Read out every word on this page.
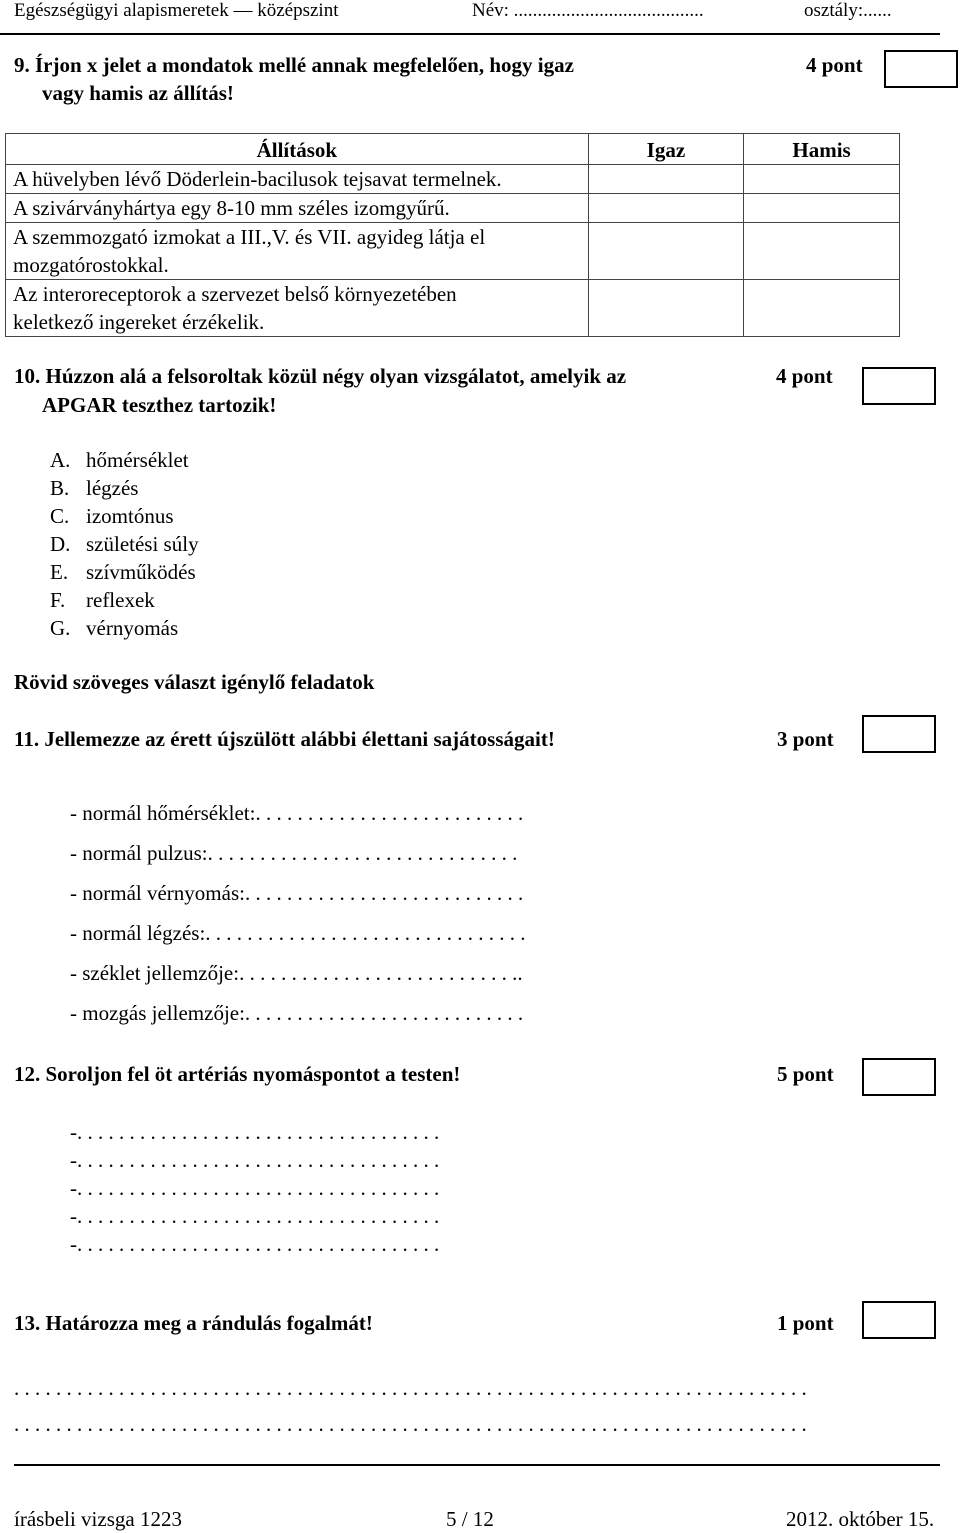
Egészségügyi alapismeretek — középszint	Név: ........................................	osztály:......
9. Írjon x jelet a mondatok mellé annak megfelelően, hogy igaz
vagy hamis az állítás!
4 pont
Állítások	Igaz	Hamis
A hüvelyben lévő Döderlein-bacilusok tejsavat termelnek.		
A szivárványhártya egy 8-10 mm széles izomgyűrű.		

A szemmozgató izmokat a III.,V. és VII. agyideg látja el
mozgatórostokkal.		

Az interoreceptorok a szervezet belső környezetében
keletkező ingereket érzékelik.		

10. Húzzon alá a felsoroltak közül négy olyan vizsgálatot, amelyik az
APGAR teszthez tartozik!
4 pont
A. hőmérséklet
B. légzés
C. izomtónus
D. születési súly
E. szívműködés
F. reflexek
G. vérnyomás
Rövid szöveges választ igénylő feladatok
11. Jellemezze az érett újszülött alábbi élettani sajátosságait!	3 pont
- normál hőmérséklet:. . . . . . . . . . . . . . . . . . . . . . . . . .
- normál pulzus:. . . . . . . . . . . . . . . . . . . . . . . . . . . . . .
- normál vérnyomás:. . . . . . . . . . . . . . . . . . . . . . . . . . .
- normál légzés:. . . . . . . . . . . . . . . . . . . . . . . . . . . . . . .
- széklet jellemzője:. . . . . . . . . . . . . . . . . . . . . . . . . . ..
- mozgás jellemzője:. . . . . . . . . . . . . . . . . . . . . . . . . . .
12. Soroljon fel öt artériás nyomáspontot a testen!	5 pont
-. . . . . . . . . . . . . . . . . . . . . . . . . . . . . . . . . . .
-. . . . . . . . . . . . . . . . . . . . . . . . . . . . . . . . . . .
-. . . . . . . . . . . . . . . . . . . . . . . . . . . . . . . . . . .
-. . . . . . . . . . . . . . . . . . . . . . . . . . . . . . . . . . .
-. . . . . . . . . . . . . . . . . . . . . . . . . . . . . . . . . . .
13. Határozza meg a rándulás fogalmát!	1 pont
. . . . . . . . . . . . . . . . . . . . . . . . . . . . . . . . . . . . . . . . . . . . . . . . . . . . . . . . . . . . . . . . . . . . . . . . . . . .
. . . . . . . . . . . . . . . . . . . . . . . . . . . . . . . . . . . . . . . . . . . . . . . . . . . . . . . . . . . . . . . . . . . . . . . . . . . .
írásbeli vizsga 1223	5 / 12	2012. október 15.
